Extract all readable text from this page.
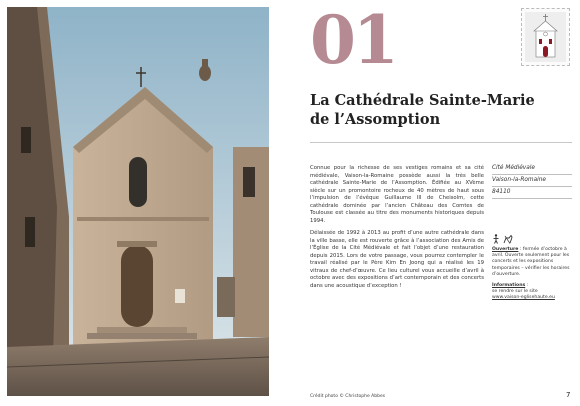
01
La Cathédrale Sainte-Marie
de l’Assomption

Connue pour la richesse de ses vestiges romains et sa cité médiévale, Vaison-la-Romaine possède aussi la très belle cathédrale Sainte-Marie de l’Assomption. Édifiée au XVème siècle sur un promontoire rocheux de 40 mètres de haut sous l’impulsion de l’évêque Guillaume III de Cheisolm, cette cathédrale dominée par l’ancien Château des Comtes de Toulouse est classée au titre des monuments historiques depuis 1994.

Délaissée de 1992 à 2013 au profit d’une autre cathédrale dans la ville basse, elle est rouverte grâce à l’association des Amis de l’Église de la Cité Médiévale et fait l’objet d’une restauration depuis 2015. Lors de votre passage, vous pourrez contempler le travail réalisé par le Père Kim En Joong qui a réalisé les 19 vitraux de chef-d’œuvre. Ce lieu culturel vous accueille d’avril à octobre avec des expositions d’art contemporain et des concerts dans une acoustique d’exception !

Cité Médiévale
Vaison-la-Romaine
84110
Ouverture : fermée d’octobre à avril. Ouverte seulement pour les concerts et les expositions temporaires – vérifier les horaires d’ouverture.
Informations :
se rendre sur le site
www.vaison-eglisehaute.eu
Crédit photo © Christophe Abbes	7
